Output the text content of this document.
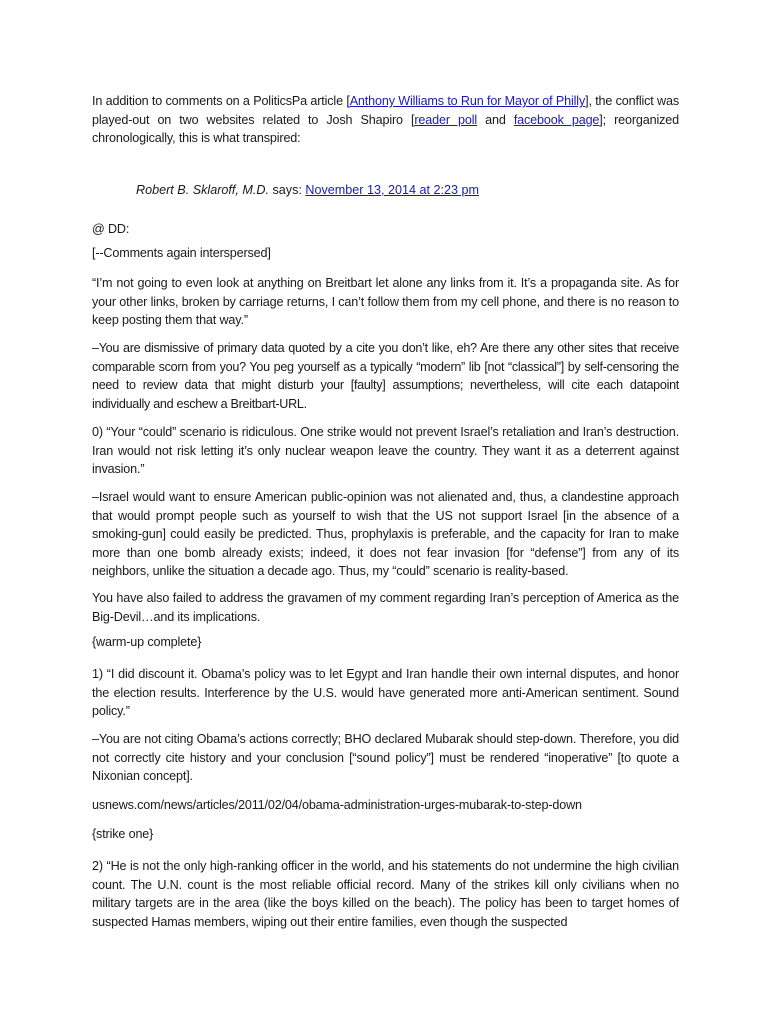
In addition to comments on a PoliticsPa article [Anthony Williams to Run for Mayor of Philly], the conflict was played-out on two websites related to Josh Shapiro [reader poll and facebook page]; reorganized chronologically, this is what transpired:

Robert B. Sklaroff, M.D. says: November 13, 2014 at 2:23 pm

@ DD:

[--Comments again interspersed]

“I’m not going to even look at anything on Breitbart let alone any links from it. It’s a propaganda site. As for your other links, broken by carriage returns, I can’t follow them from my cell phone, and there is no reason to keep posting them that way.”

–You are dismissive of primary data quoted by a cite you don’t like, eh? Are there any other sites that receive comparable scorn from you? You peg yourself as a typically “modern” lib [not “classical”] by self-censoring the need to review data that might disturb your [faulty] assumptions; nevertheless, will cite each datapoint individually and eschew a Breitbart-URL.

0) “Your “could” scenario is ridiculous. One strike would not prevent Israel’s retaliation and Iran’s destruction. Iran would not risk letting it’s only nuclear weapon leave the country. They want it as a deterrent against invasion.”

–Israel would want to ensure American public-opinion was not alienated and, thus, a clandestine approach that would prompt people such as yourself to wish that the US not support Israel [in the absence of a smoking-gun] could easily be predicted. Thus, prophylaxis is preferable, and the capacity for Iran to make more than one bomb already exists; indeed, it does not fear invasion [for “defense”] from any of its neighbors, unlike the situation a decade ago. Thus, my “could” scenario is reality-based.

You have also failed to address the gravamen of my comment regarding Iran’s perception of America as the Big-Devil…and its implications.

{warm-up complete}

1) “I did discount it. Obama’s policy was to let Egypt and Iran handle their own internal disputes, and honor the election results. Interference by the U.S. would have generated more anti-American sentiment. Sound policy.”

–You are not citing Obama’s actions correctly; BHO declared Mubarak should step-down. Therefore, you did not correctly cite history and your conclusion [“sound policy”] must be rendered “inoperative” [to quote a Nixonian concept].

usnews.com/news/articles/2011/02/04/obama-administration-urges-mubarak-to-step-down

{strike one}

2) “He is not the only high-ranking officer in the world, and his statements do not undermine the high civilian count. The U.N. count is the most reliable official record. Many of the strikes kill only civilians when no military targets are in the area (like the boys killed on the beach). The policy has been to target homes of suspected Hamas members, wiping out their entire families, even though the suspected
